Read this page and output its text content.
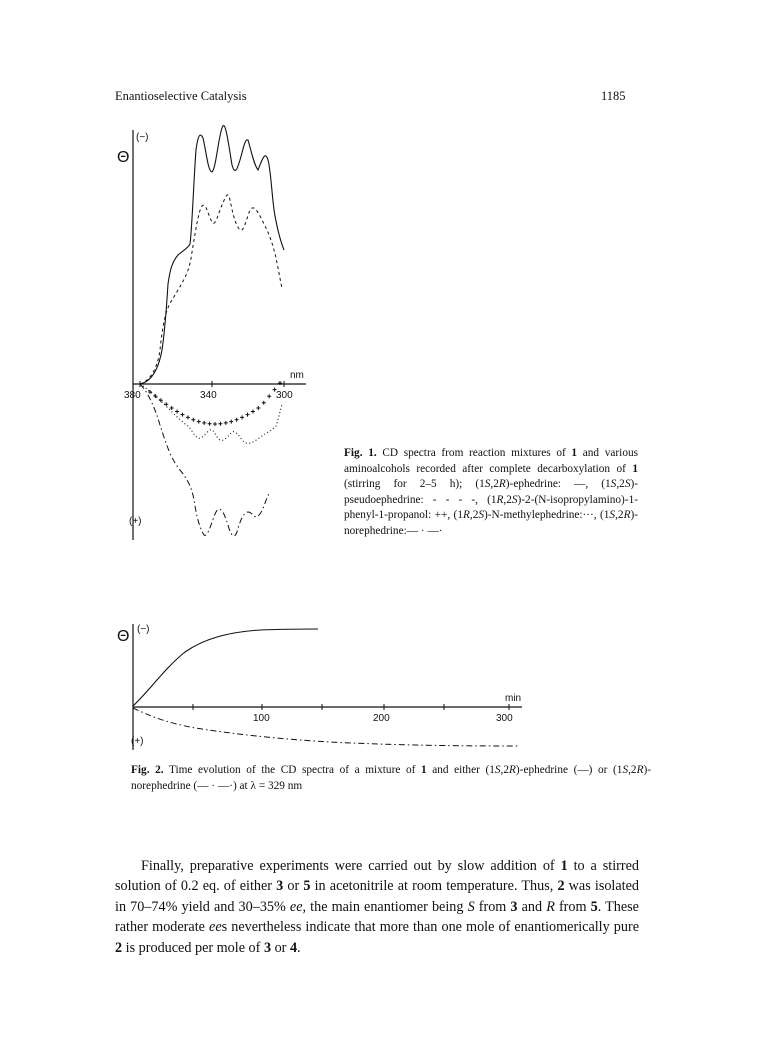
Enantioselective Catalysis	1185
(−)
Θ
nm
380	340	300
(+)
(−)
Θ
min
100	200	300
(+)
Fig. 1. CD spectra from reaction mixtures of 1 and various aminoalcohols recorded after complete decarboxylation of 1 (stirring for 2–5 h); (1S,2R)-ephedrine: —, (1S,2S)-pseudoephedrine: - - - -, (1R,2S)-2-(N-isopropylamino)-1-phenyl-1-propanol: ++, (1R,2S)-N-methylephedrine:···, (1S,2R)-norephedrine:— · —·
Fig. 2. Time evolution of the CD spectra of a mixture of 1 and either (1S,2R)-ephedrine (—) or (1S,2R)-norephedrine (— · —·) at λ = 329 nm
Finally, preparative experiments were carried out by slow addition of 1 to a stirred solution of 0.2 eq. of either 3 or 5 in acetonitrile at room temperature. Thus, 2 was isolated in 70–74% yield and 30–35% ee, the main enantiomer being S from 3 and R from 5. These rather moderate ees nevertheless indicate that more than one mole of enantiomerically pure 2 is produced per mole of 3 or 4.
